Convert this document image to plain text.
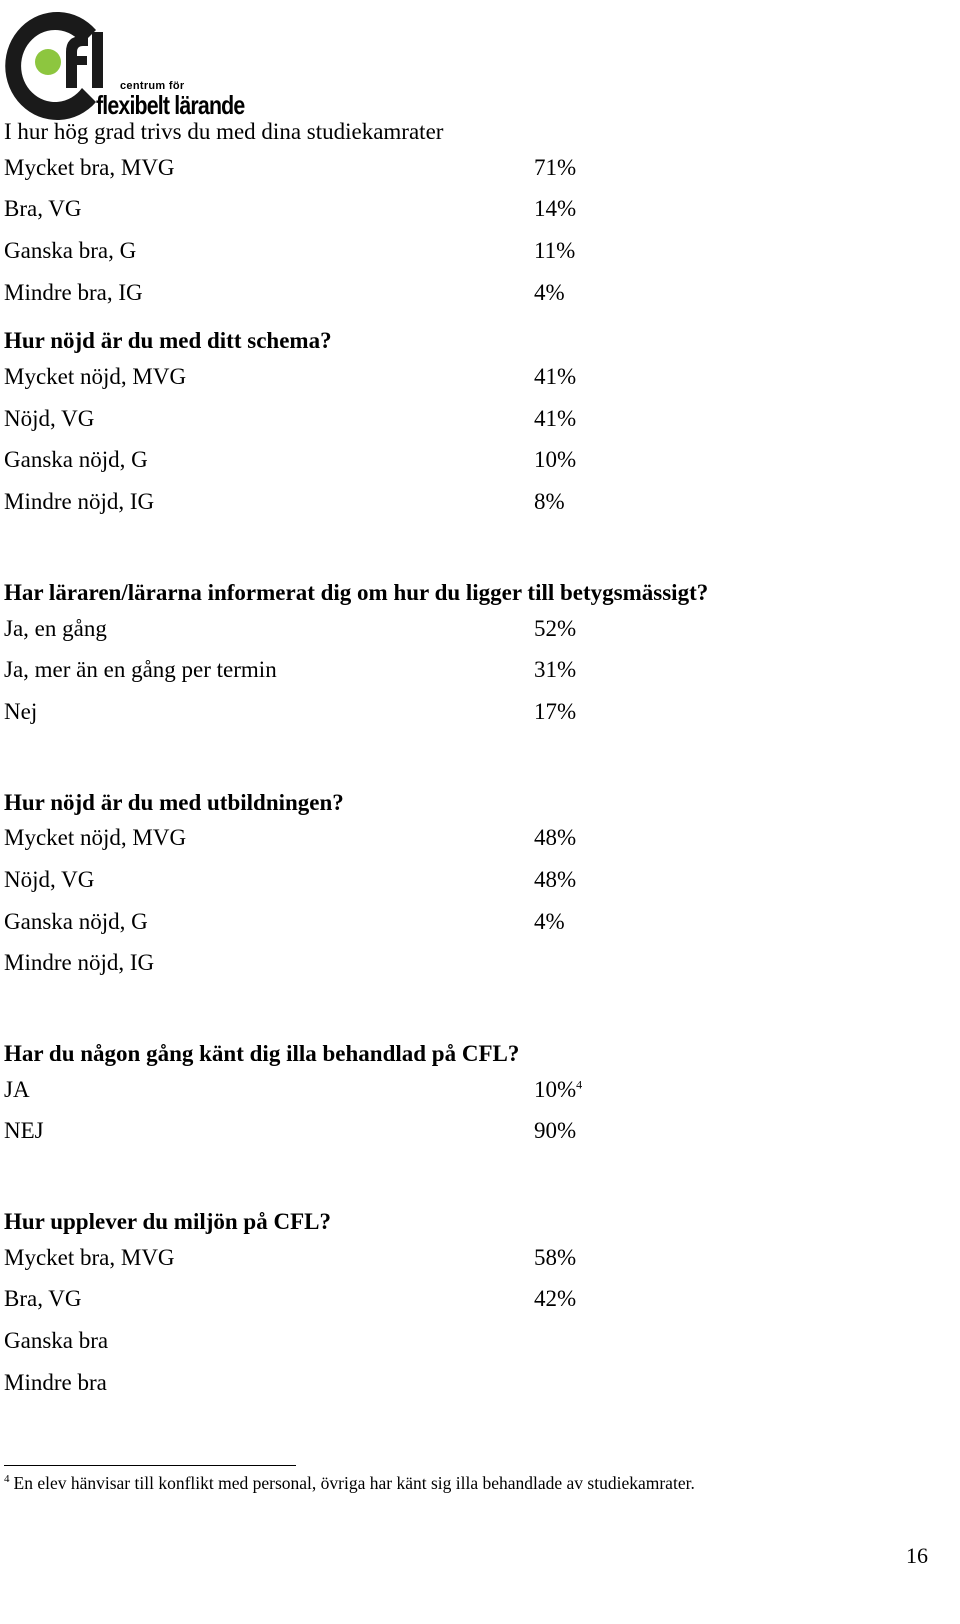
centrum för
flexibelt lärande

I hur hög grad trivs du med dina studiekamrater

Mycket bra, MVG	71%
Bra, VG	14%
Ganska bra, G	11%
Mindre bra, IG	4%

Hur nöjd är du med ditt schema?

Mycket nöjd, MVG	41%
Nöjd, VG	41%
Ganska nöjd, G	10%
Mindre nöjd, IG	8%

Har läraren/lärarna informerat dig om hur du ligger till betygsmässigt?

Ja, en gång	52%
Ja, mer än en gång per termin	31%
Nej	17%

Hur nöjd är du med utbildningen?

Mycket nöjd, MVG	48%
Nöjd, VG	48%
Ganska nöjd, G	4%
Mindre nöjd, IG

Har du någon gång känt dig illa behandlad på CFL?

JA	10%$^4$
NEJ	90%

Hur upplever du miljön på CFL?

Mycket bra, MVG	58%
Bra, VG	42%
Ganska bra
Mindre bra
$^4$ En elev hänvisar till konflikt med personal, övriga har känt sig illa behandlade av studiekamrater.
16
